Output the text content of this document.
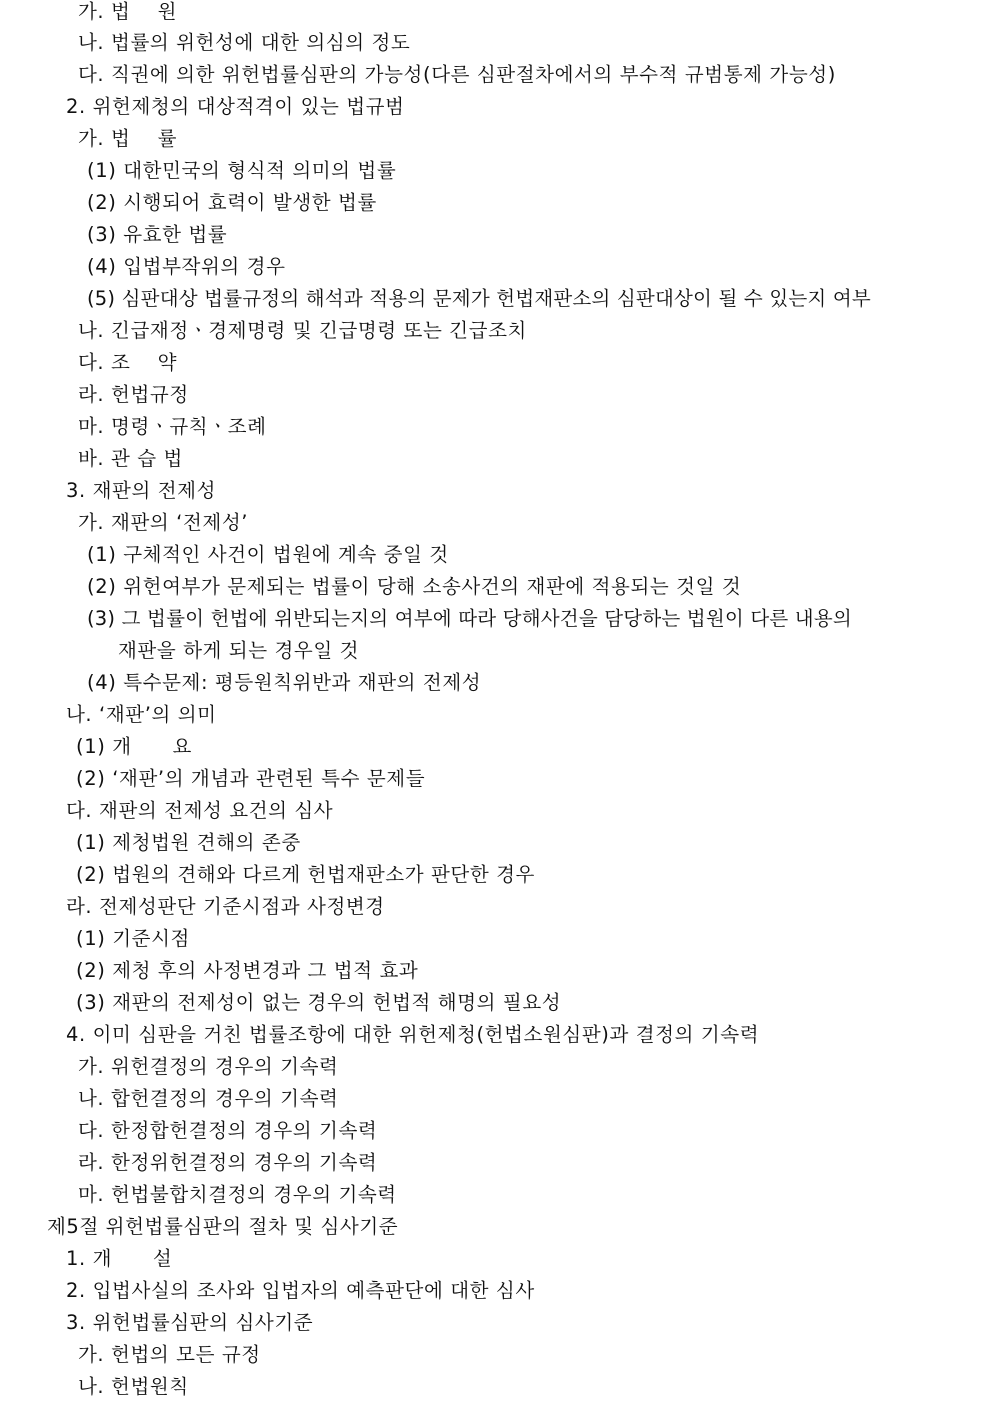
가. 법    원
나. 법률의 위헌성에 대한 의심의 정도
다. 직권에 의한 위헌법률심판의 가능성(다른 심판절차에서의 부수적 규범통제 가능성)
2. 위헌제청의 대상적격이 있는 법규범
가. 법    률
(1) 대한민국의 형식적 의미의 법률
(2) 시행되어 효력이 발생한 법률
(3) 유효한 법률
(4) 입법부작위의 경우
(5) 심판대상 법률규정의 해석과 적용의 문제가 헌법재판소의 심판대상이 될 수 있는지 여부
나. 긴급재정ㆍ경제명령 및 긴급명령 또는 긴급조치
다. 조    약
라. 헌법규정
마. 명령ㆍ규칙ㆍ조례
바. 관 습 법
3. 재판의 전제성
가. 재판의 ‘전제성’
(1) 구체적인 사건이 법원에 계속 중일 것
(2) 위헌여부가 문제되는 법률이 당해 소송사건의 재판에 적용되는 것일 것
(3) 그 법률이 헌법에 위반되는지의 여부에 따라 당해사건을 담당하는 법원이 다른 내용의
재판을 하게 되는 경우일 것
(4) 특수문제: 평등원칙위반과 재판의 전제성
나. ‘재판’의 의미
(1) 개      요
(2) ‘재판’의 개념과 관련된 특수 문제들
다. 재판의 전제성 요건의 심사
(1) 제청법원 견해의 존중
(2) 법원의 견해와 다르게 헌법재판소가 판단한 경우
라. 전제성판단 기준시점과 사정변경
(1) 기준시점
(2) 제청 후의 사정변경과 그 법적 효과
(3) 재판의 전제성이 없는 경우의 헌법적 해명의 필요성
4. 이미 심판을 거친 법률조항에 대한 위헌제청(헌법소원심판)과 결정의 기속력
가. 위헌결정의 경우의 기속력
나. 합헌결정의 경우의 기속력
다. 한정합헌결정의 경우의 기속력
라. 한정위헌결정의 경우의 기속력
마. 헌법불합치결정의 경우의 기속력
제5절 위헌법률심판의 절차 및 심사기준
1. 개      설
2. 입법사실의 조사와 입법자의 예측판단에 대한 심사
3. 위헌법률심판의 심사기준
가. 헌법의 모든 규정
나. 헌법원칙
